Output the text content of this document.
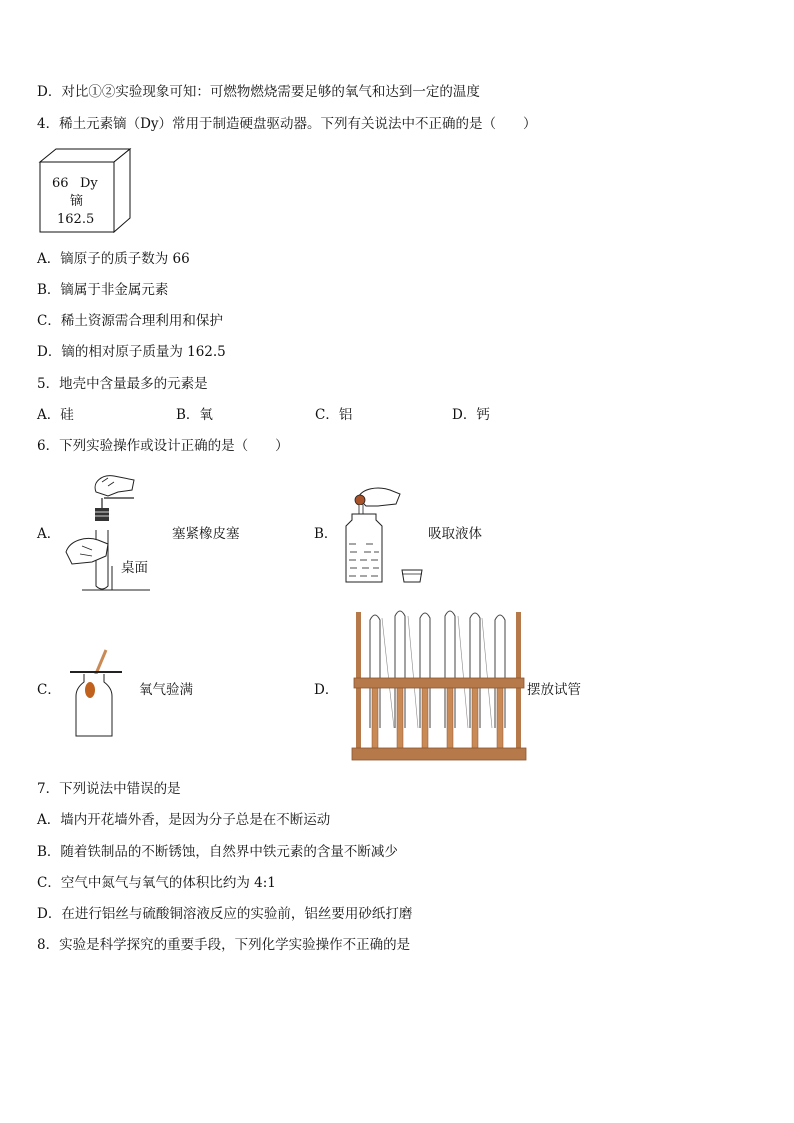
D．对比①②实验现象可知：可燃物燃烧需要足够的氧气和达到一定的温度
4．稀土元素镝（Dy）常用于制造硬盘驱动器。下列有关说法中不正确的是（　　）
66 Dy
镝
162.5
A．镝原子的质子数为 66
B．镝属于非金属元素
C．稀土资源需合理利用和保护
D．镝的相对原子质量为 162.5
5．地壳中含量最多的元素是
A．硅	B．氧	C．铝	D．钙
6．下列实验操作或设计正确的是（　　）
A．	塞紧橡皮塞
桌面
B．	吸取液体
C．	氧气验满	D．	摆放试管
7．下列说法中错误的是
A．墙内开花墙外香，是因为分子总是在不断运动
B．随着铁制品的不断锈蚀，自然界中铁元素的含量不断减少
C．空气中氮气与氧气的体积比约为 4:1
D．在进行铝丝与硫酸铜溶液反应的实验前，铝丝要用砂纸打磨
8．实验是科学探究的重要手段，下列化学实验操作不正确的是
